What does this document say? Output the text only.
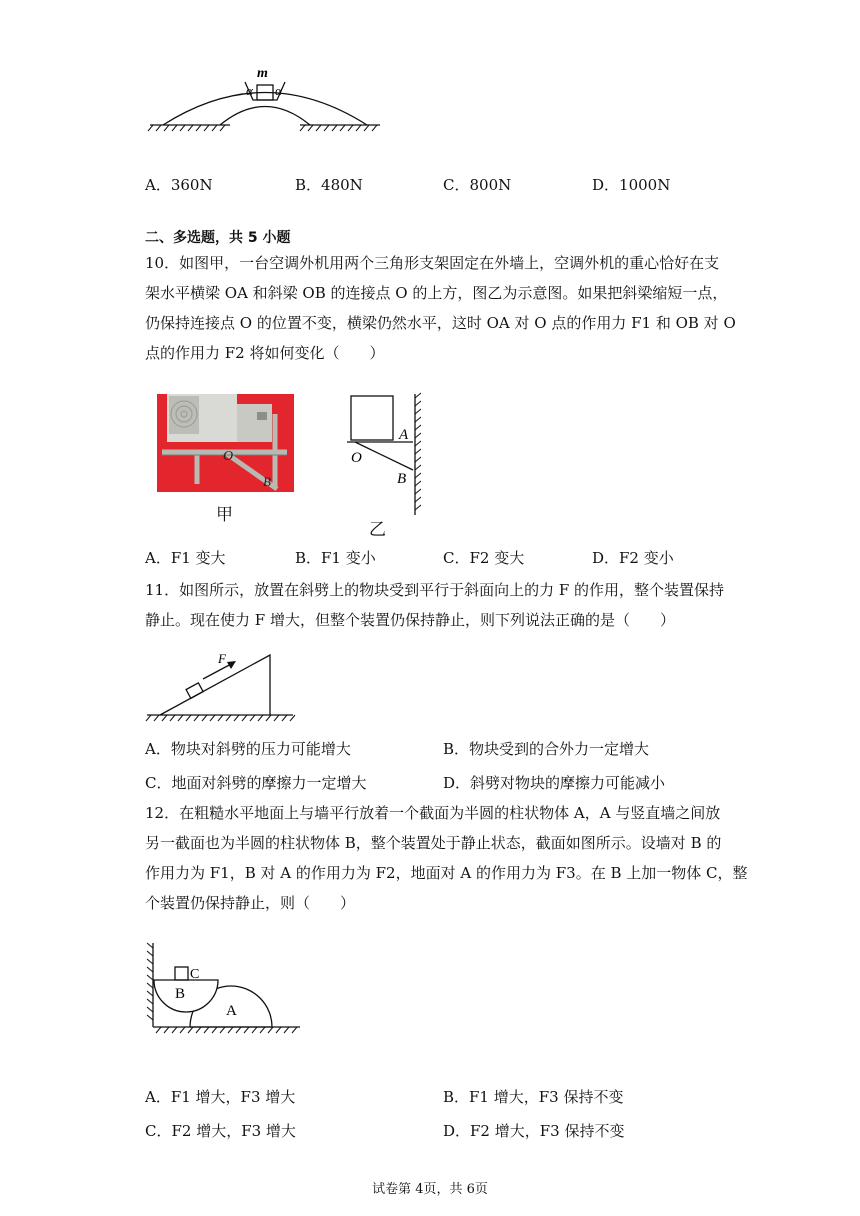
m
α α
A．360N	B．480N	C．800N	D．1000N
二、多选题，共 5 小题
10．如图甲，一台空调外机用两个三角形支架固定在外墙上，空调外机的重心恰好在支
架水平横梁 OA 和斜梁 OB 的连接点 O 的上方，图乙为示意图。如果把斜梁缩短一点，
仍保持连接点 O 的位置不变，横梁仍然水平，这时 OA 对 O 点的作用力 F1 和 OB 对 O
点的作用力 F2 将如何变化（　　）
O
B
甲
A
O
B
乙
A．F1 变大	B．F1 变小	C．F2 变大	D．F2 变小
11．如图所示，放置在斜劈上的物块受到平行于斜面向上的力 F 的作用，整个装置保持
静止。现在使力 F 增大，但整个装置仍保持静止，则下列说法正确的是（　　）
F
A．物块对斜劈的压力可能增大	B．物块受到的合外力一定增大
C．地面对斜劈的摩擦力一定增大	D．斜劈对物块的摩擦力可能减小
12．在粗糙水平地面上与墙平行放着一个截面为半圆的柱状物体 A，A 与竖直墙之间放
另一截面也为半圆的柱状物体 B，整个装置处于静止状态，截面如图所示。设墙对 B 的
作用力为 F1，B 对 A 的作用力为 F2，地面对 A 的作用力为 F3。在 B 上加一物体 C，整
个装置仍保持静止，则（　　）
A
B
C
A．F1 增大，F3 增大	B．F1 增大，F3 保持不变
C．F2 增大，F3 增大	D．F2 增大，F3 保持不变
试卷第 4页，共 6页
